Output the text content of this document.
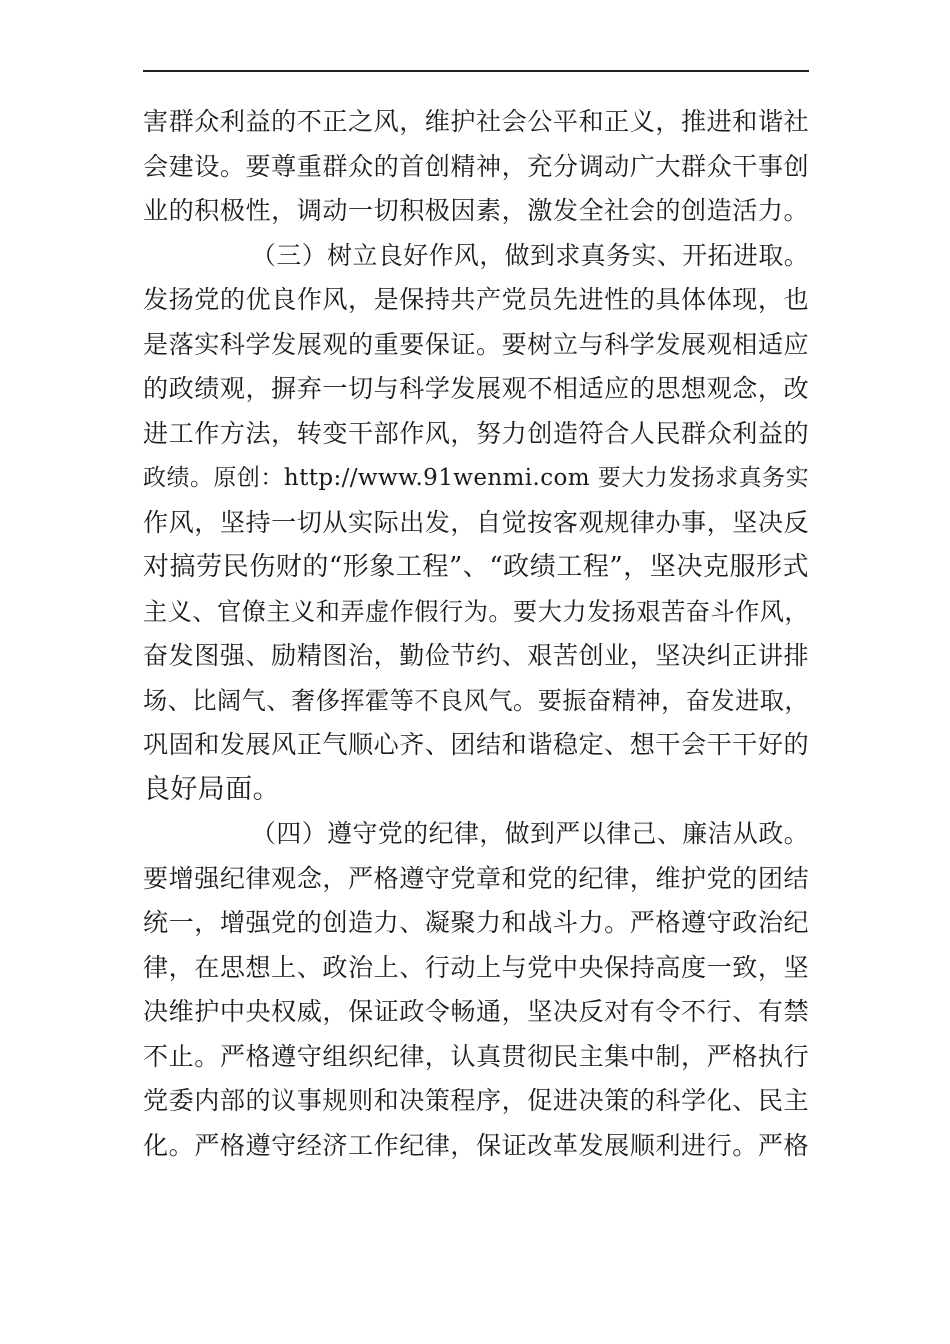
害群众利益的不正之风，维护社会公平和正义，推进和谐社
会建设。要尊重群众的首创精神，充分调动广大群众干事创
业的积极性，调动一切积极因素，激发全社会的创造活力。
（三）树立良好作风，做到求真务实、开拓进取。
发扬党的优良作风，是保持共产党员先进性的具体体现，也
是落实科学发展观的重要保证。要树立与科学发展观相适应
的政绩观，摒弃一切与科学发展观不相适应的思想观念，改
进工作方法，转变干部作风，努力创造符合人民群众利益的
政绩。原创：http://www.91wenmi.com 要大力发扬求真务实
作风，坚持一切从实际出发，自觉按客观规律办事，坚决反
对搞劳民伤财的“形象工程”、“政绩工程”，坚决克服形式
主义、官僚主义和弄虚作假行为。要大力发扬艰苦奋斗作风，
奋发图强、励精图治，勤俭节约、艰苦创业，坚决纠正讲排
场、比阔气、奢侈挥霍等不良风气。要振奋精神，奋发进取，
巩固和发展风正气顺心齐、团结和谐稳定、想干会干干好的
良好局面。
（四）遵守党的纪律，做到严以律己、廉洁从政。
要增强纪律观念，严格遵守党章和党的纪律，维护党的团结
统一，增强党的创造力、凝聚力和战斗力。严格遵守政治纪
律，在思想上、政治上、行动上与党中央保持高度一致，坚
决维护中央权威，保证政令畅通，坚决反对有令不行、有禁
不止。严格遵守组织纪律，认真贯彻民主集中制，严格执行
党委内部的议事规则和决策程序，促进决策的科学化、民主
化。严格遵守经济工作纪律，保证改革发展顺利进行。严格
